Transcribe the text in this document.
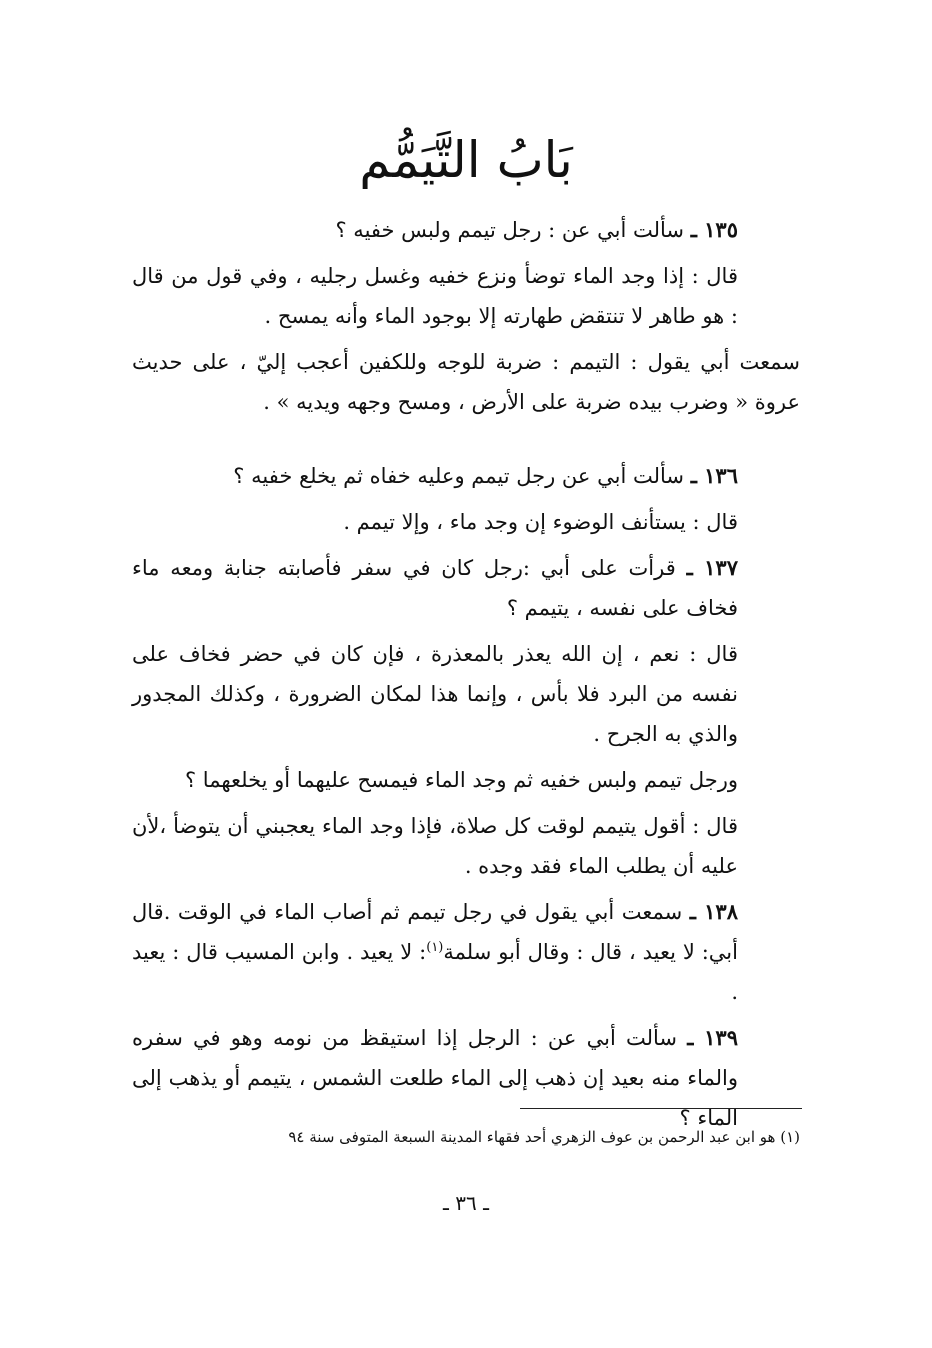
بَابُ التَّيَمُّم

١٣٥ ـ سألت أبي عن : رجل تيمم ولبس خفيه ؟

قال : إذا وجد الماء توضأ ونزع خفيه وغسل رجليه ، وفي قول من قال : هو طاهر لا تنتقض طهارته إلا بوجود الماء وأنه يمسح .

سمعت أبي يقول : التيمم : ضربة للوجه وللكفين أعجب إليّ ، على حديث عروة « وضرب بيده ضربة على الأرض ، ومسح وجهه ويديه » .

١٣٦ ـ سألت أبي عن رجل تيمم وعليه خفاه ثم يخلع خفيه ؟

قال : يستأنف الوضوء إن وجد ماء ، وإلا تيمم .

١٣٧ ـ قرأت على أبي :رجل كان في سفر فأصابته جنابة ومعه ماء فخاف على نفسه ، يتيمم ؟

قال : نعم ، إن الله يعذر بالمعذرة ، فإن كان في حضر فخاف على نفسه من البرد فلا بأس ، وإنما هذا لمكان الضرورة ، وكذلك المجدور والذي به الجرح .

ورجل تيمم ولبس خفيه ثم وجد الماء فيمسح عليهما أو يخلعهما ؟

قال : أقول يتيمم لوقت كل صلاة، فإذا وجد الماء يعجبني أن يتوضأ ،لأن عليه أن يطلب الماء فقد وجده .

١٣٨ ـ سمعت أبي يقول في رجل تيمم ثم أصاب الماء في الوقت .قال أبي: لا يعيد ، قال : وقال أبو سلمة$^{(١)}$: لا يعيد . وابن المسيب قال : يعيد .

١٣٩ ـ سألت أبي عن : الرجل إذا استيقظ من نومه وهو في سفره والماء منه بعيد إن ذهب إلى الماء طلعت الشمس ، يتيمم أو يذهب إلى الماء ؟

(١) هو ابن عبد الرحمن بن عوف الزهري أحد فقهاء المدينة السبعة المتوفى سنة ٩٤
ـ ٣٦ ـ
